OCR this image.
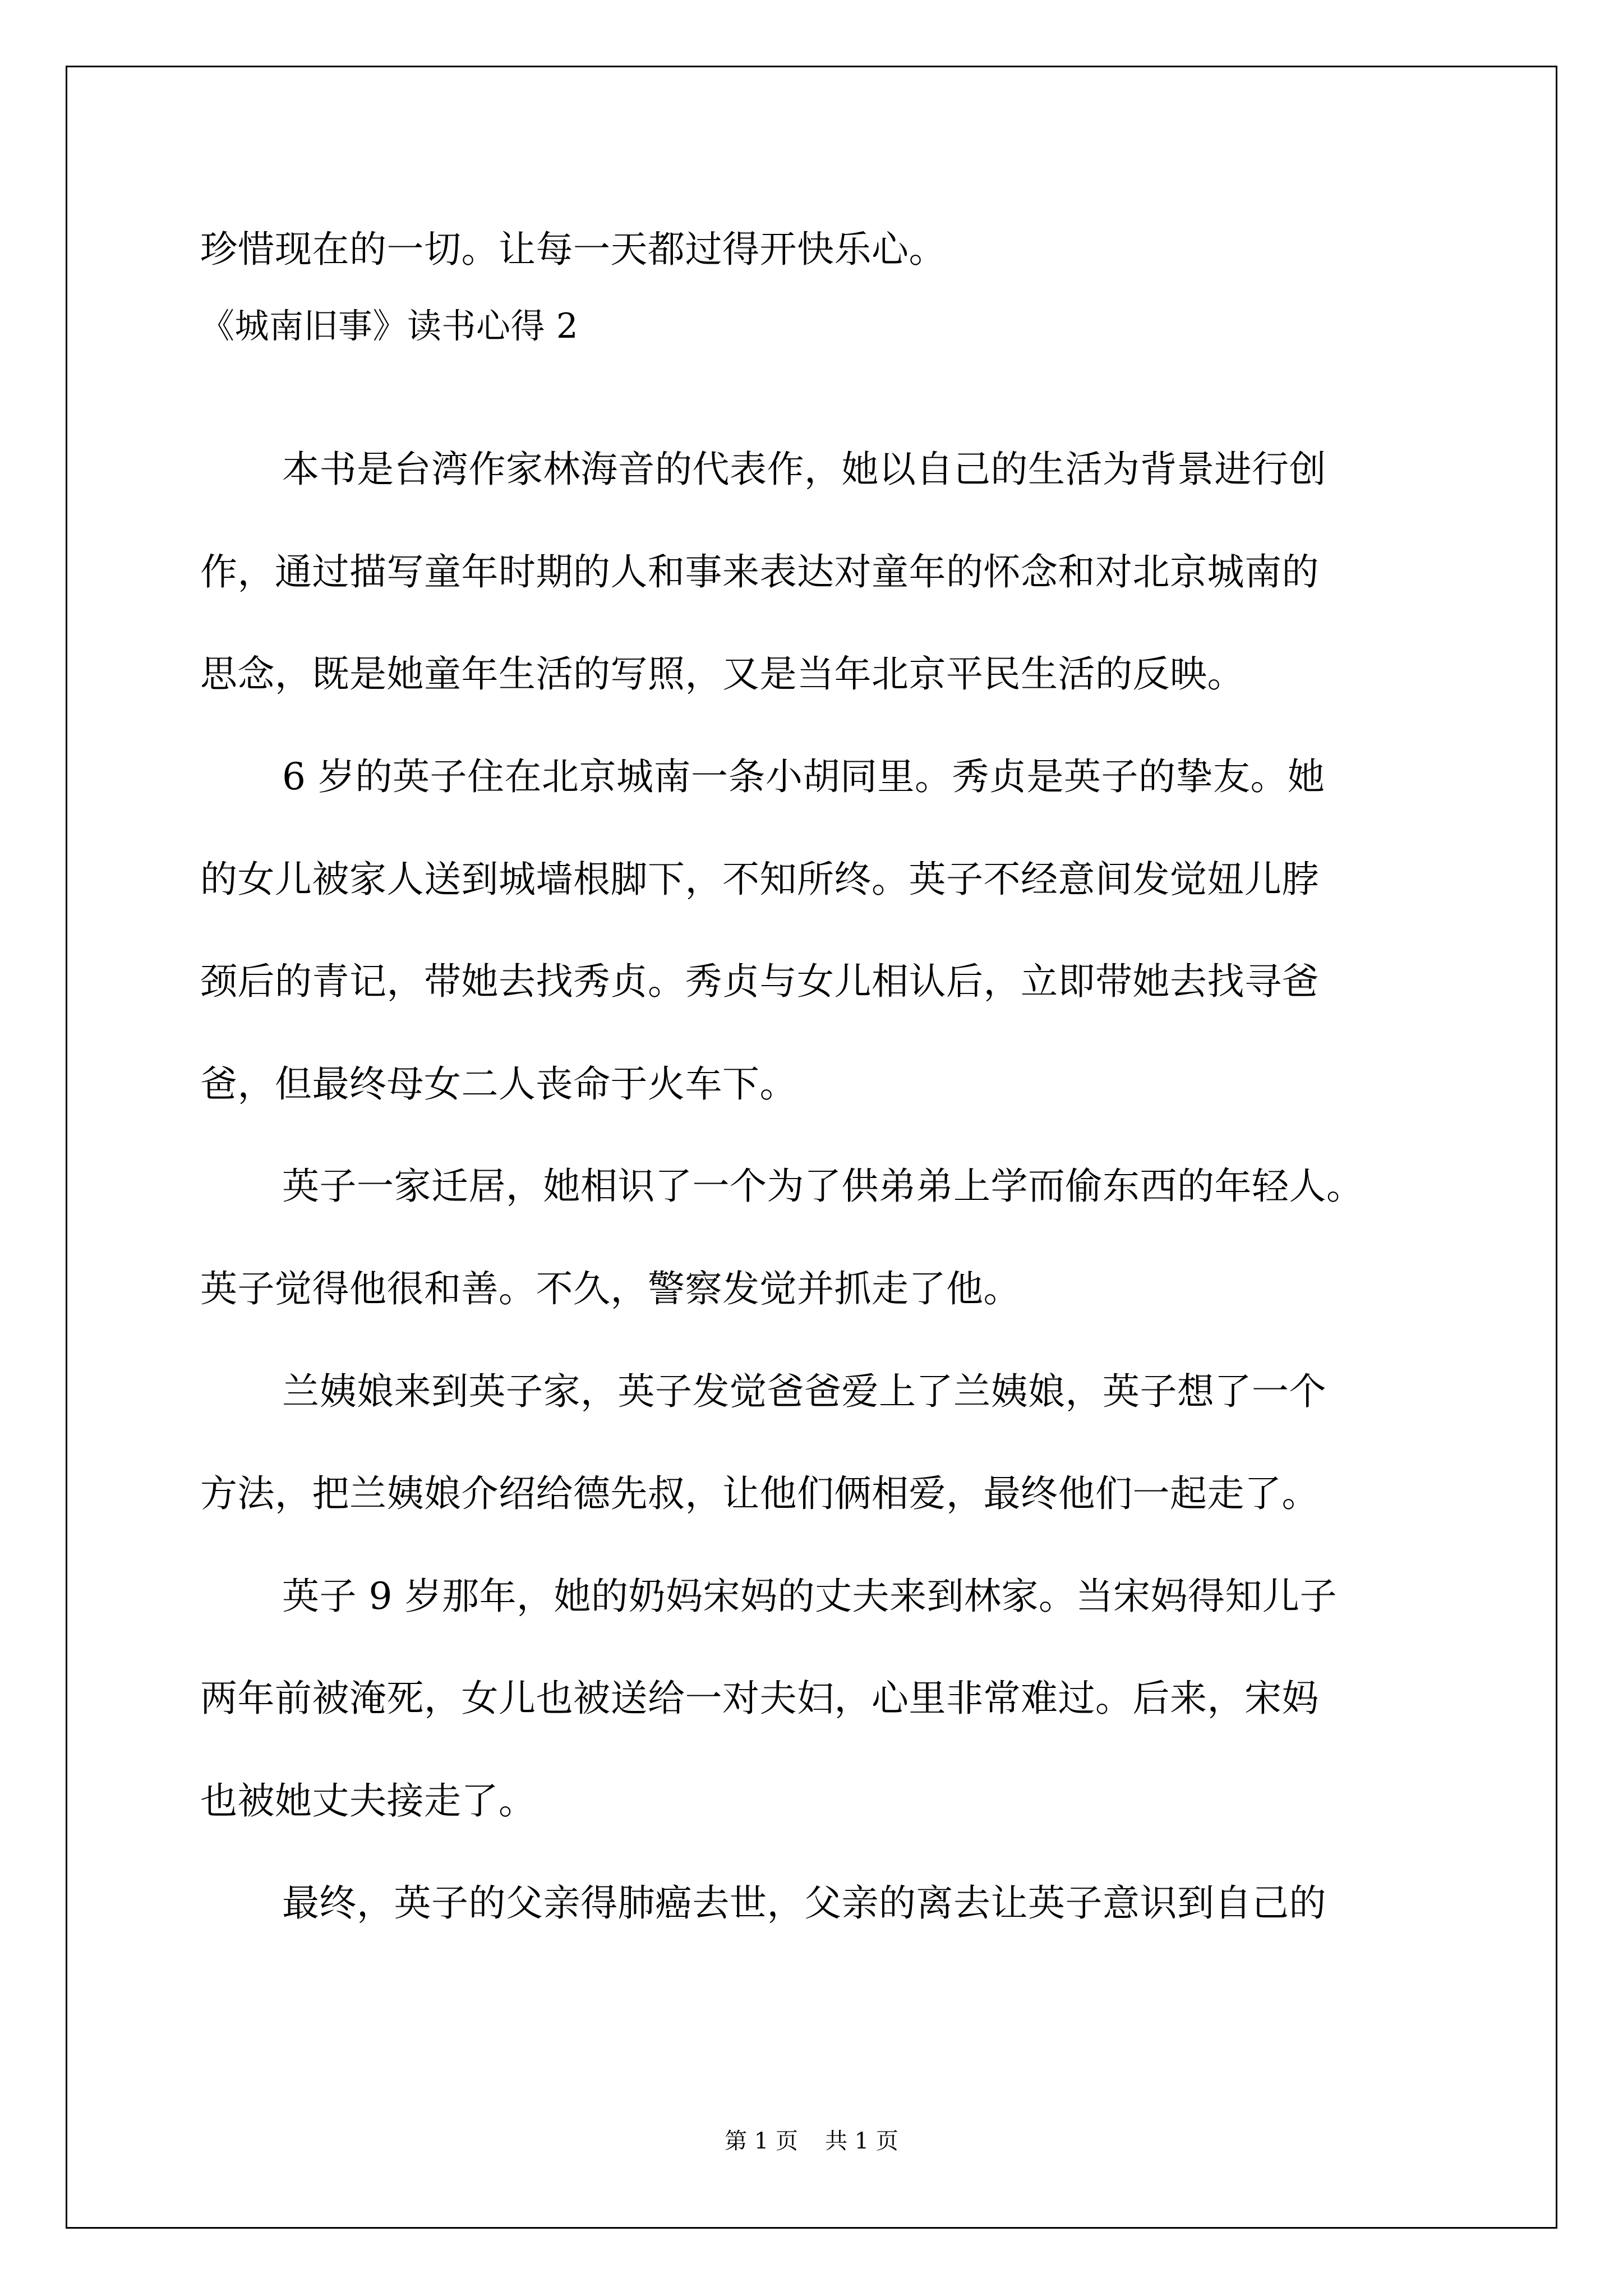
珍惜现在的一切。让每一天都过得开快乐心。
《城南旧事》读书心得 2
本书是台湾作家林海音的代表作，她以自己的生活为背景进行创
作，通过描写童年时期的人和事来表达对童年的怀念和对北京城南的
思念，既是她童年生活的写照，又是当年北京平民生活的反映。
6 岁的英子住在北京城南一条小胡同里。秀贞是英子的挚友。她
的女儿被家人送到城墙根脚下，不知所终。英子不经意间发觉妞儿脖
颈后的青记，带她去找秀贞。秀贞与女儿相认后，立即带她去找寻爸
爸，但最终母女二人丧命于火车下。
英子一家迁居，她相识了一个为了供弟弟上学而偷东西的年轻人。
英子觉得他很和善。不久，警察发觉并抓走了他。
兰姨娘来到英子家，英子发觉爸爸爱上了兰姨娘，英子想了一个
方法，把兰姨娘介绍给德先叔，让他们俩相爱，最终他们一起走了。
英子 9 岁那年，她的奶妈宋妈的丈夫来到林家。当宋妈得知儿子
两年前被淹死，女儿也被送给一对夫妇，心里非常难过。后来，宋妈
也被她丈夫接走了。
最终，英子的父亲得肺癌去世，父亲的离去让英子意识到自己的
第 1 页 共 1 页
